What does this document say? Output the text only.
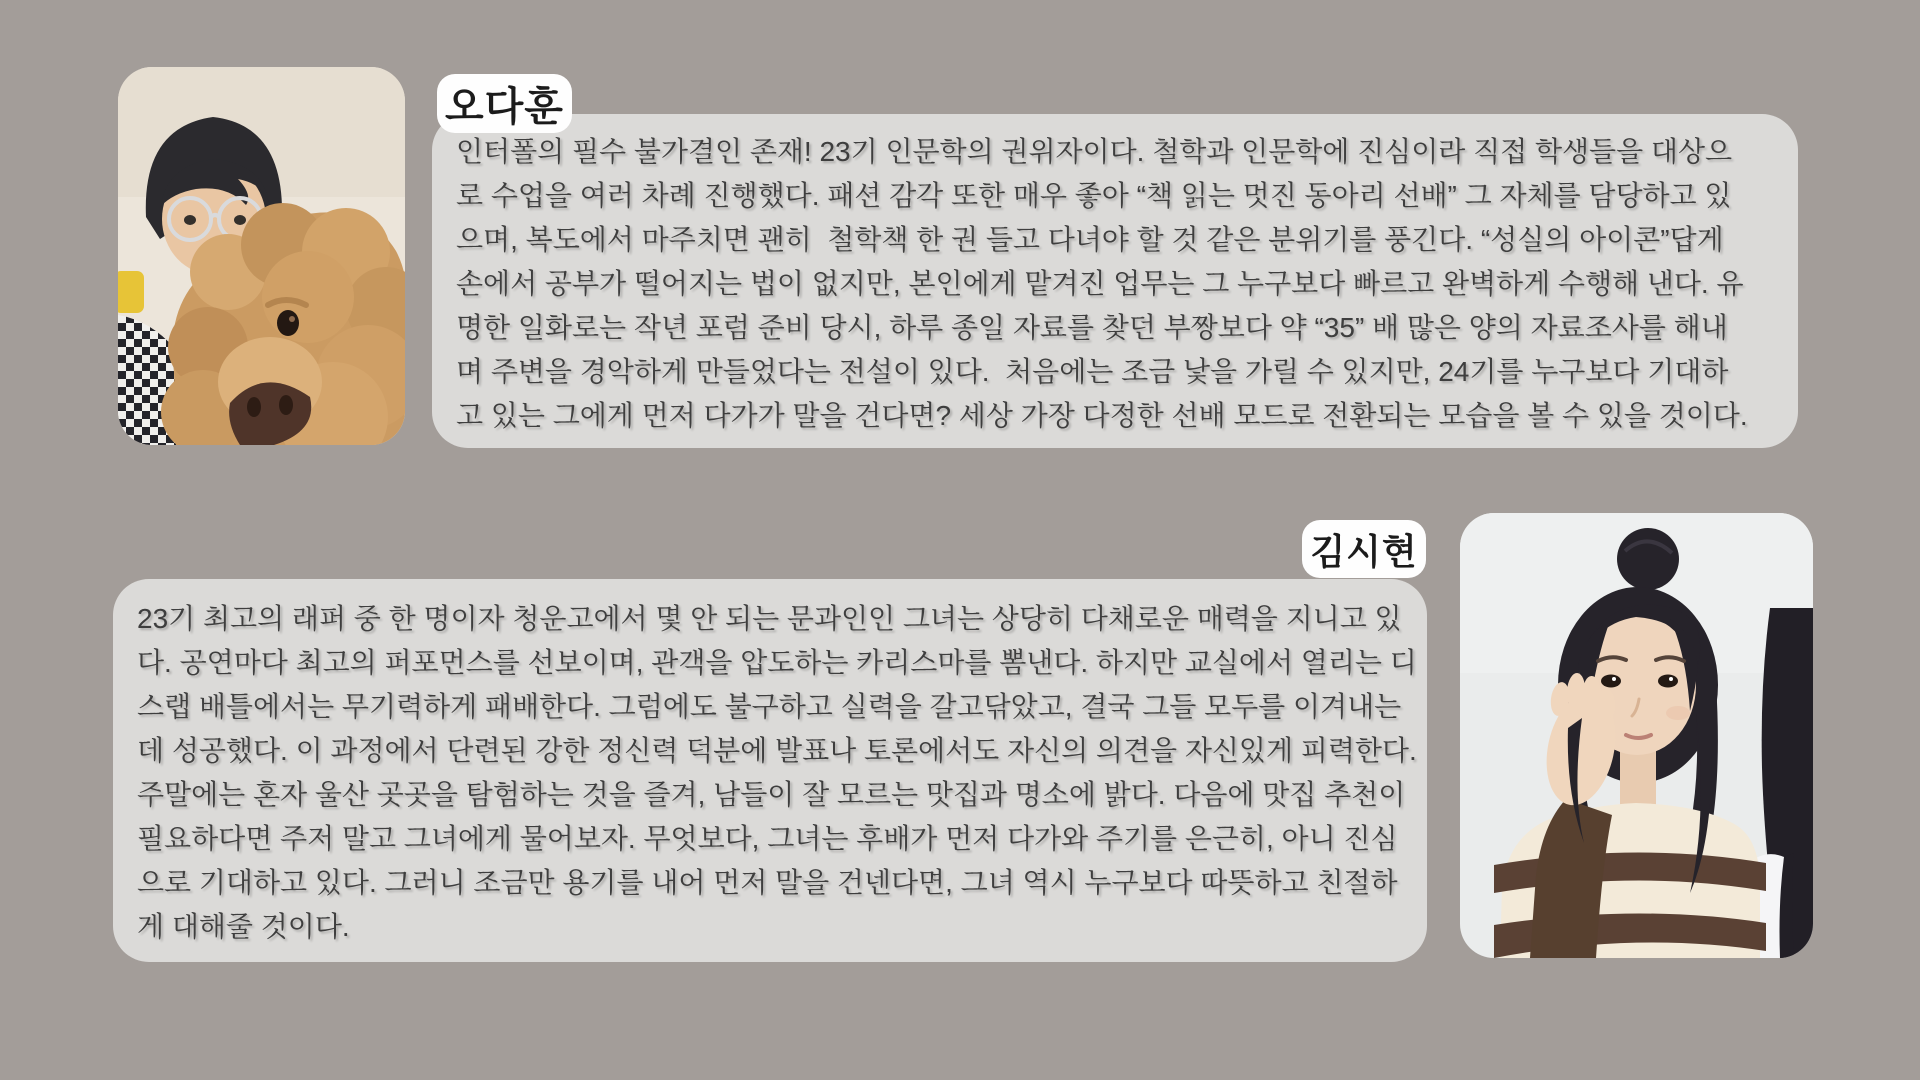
오다훈
인터폴의 필수 불가결인 존재! 23기 인문학의 권위자이다. 철학과 인문학에 진심이라 직접 학생들을 대상으
로 수업을 여러 차례 진행했다. 패션 감각 또한 매우 좋아 “책 읽는 멋진 동아리 선배” 그 자체를 담당하고 있
으며, 복도에서 마주치면 괜히  철학책 한 권 들고 다녀야 할 것 같은 분위기를 풍긴다. “성실의 아이콘”답게
손에서 공부가 떨어지는 법이 없지만, 본인에게 맡겨진 업무는 그 누구보다 빠르고 완벽하게 수행해 낸다. 유
명한 일화로는 작년 포럼 준비 당시, 하루 종일 자료를 찾던 부짱보다 약 “35” 배 많은 양의 자료조사를 해내
며 주변을 경악하게 만들었다는 전설이 있다.  처음에는 조금 낯을 가릴 수 있지만, 24기를 누구보다 기대하
고 있는 그에게 먼저 다가가 말을 건다면? 세상 가장 다정한 선배 모드로 전환되는 모습을 볼 수 있을 것이다.
김시현
23기 최고의 래퍼 중 한 명이자 청운고에서 몇 안 되는 문과인인 그녀는 상당히 다채로운 매력을 지니고 있
다. 공연마다 최고의 퍼포먼스를 선보이며, 관객을 압도하는 카리스마를 뽐낸다. 하지만 교실에서 열리는 디
스랩 배틀에서는 무기력하게 패배한다. 그럼에도 불구하고 실력을 갈고닦았고, 결국 그들 모두를 이겨내는
데 성공했다. 이 과정에서 단련된 강한 정신력 덕분에 발표나 토론에서도 자신의 의견을 자신있게 피력한다.
주말에는 혼자 울산 곳곳을 탐험하는 것을 즐겨, 남들이 잘 모르는 맛집과 명소에 밝다. 다음에 맛집 추천이
필요하다면 주저 말고 그녀에게 물어보자. 무엇보다, 그녀는 후배가 먼저 다가와 주기를 은근히, 아니 진심
으로 기대하고 있다. 그러니 조금만 용기를 내어 먼저 말을 건넨다면, 그녀 역시 누구보다 따뜻하고 친절하
게 대해줄 것이다.
